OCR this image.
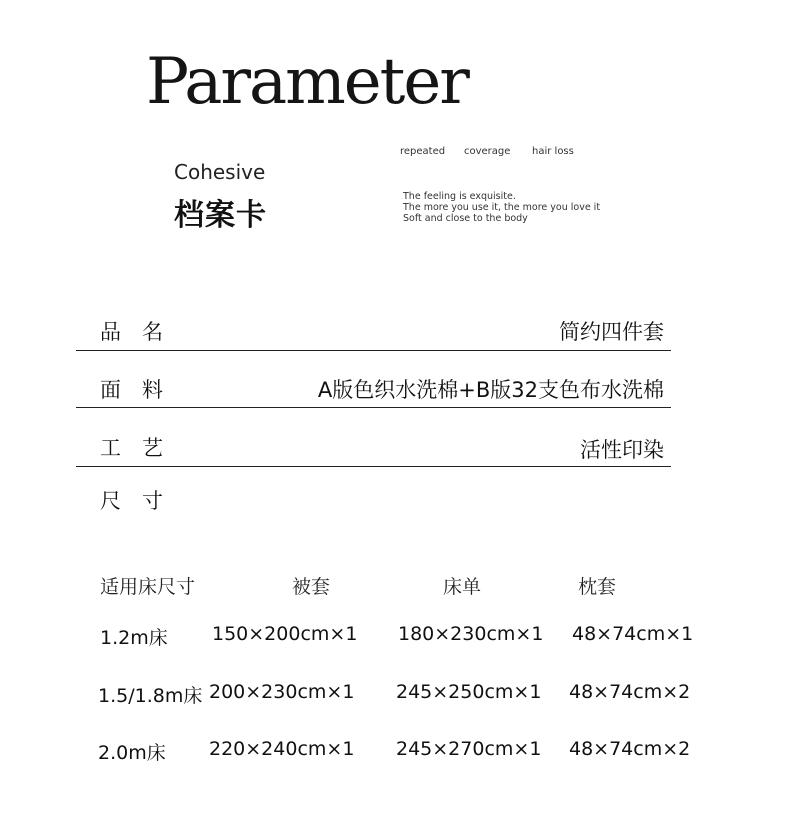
Parameter
Cohesive
档案卡
repeated coverage hair loss
The feeling is exquisite.
The more you use it, the more you love it
Soft and close to the body
品　名	简约四件套
面　料	A版色织水洗棉+B版32支色布水洗棉
工　艺	活性印染
尺　寸
适用床尺寸	被套	床单	枕套
1.2m床 150×200cm×1 180×230cm×1 48×74cm×1
1.5/1.8m床 200×230cm×1 245×250cm×1 48×74cm×2
2.0m床 220×240cm×1 245×270cm×1 48×74cm×2
